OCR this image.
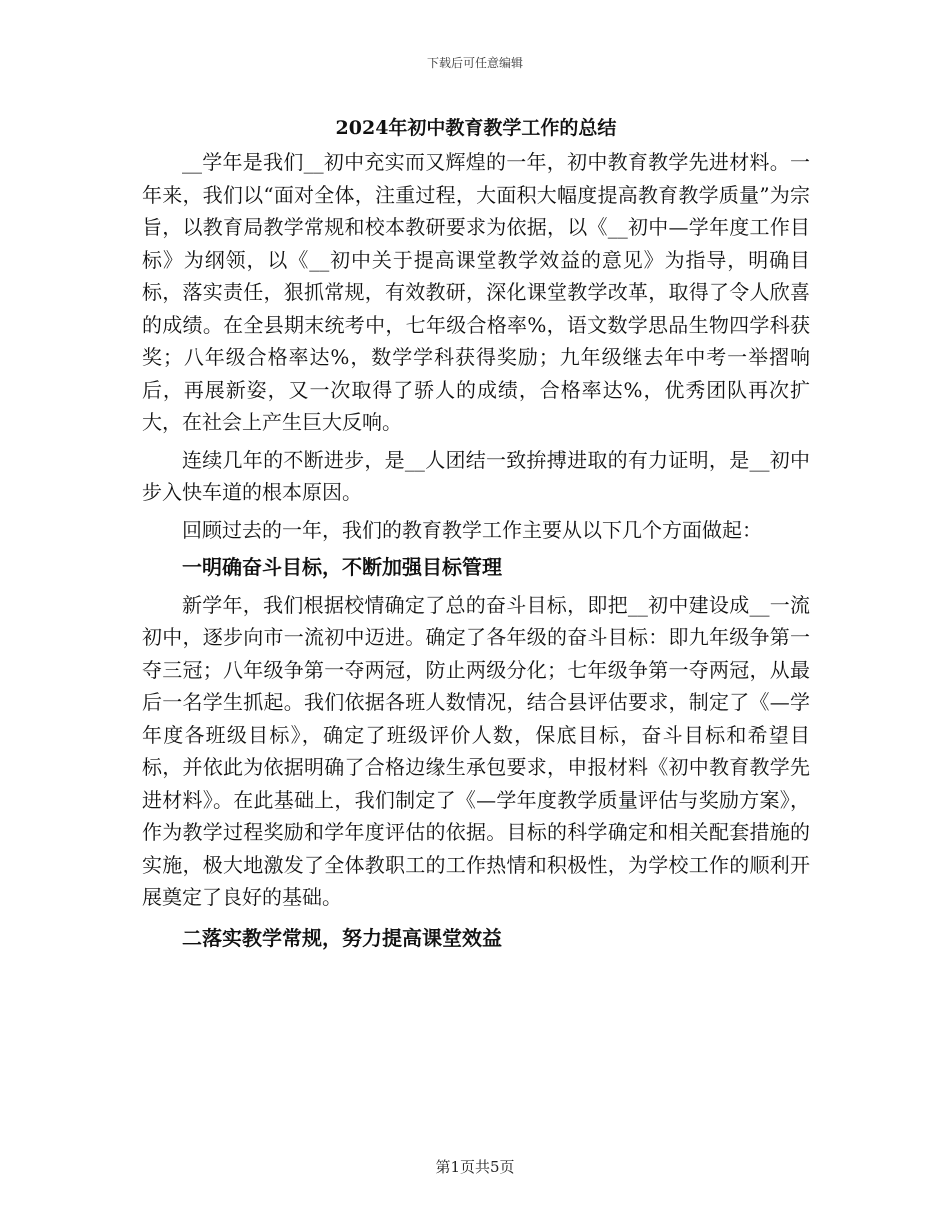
下载后可任意编辑
2024年初中教育教学工作的总结

__学年是我们__初中充实而又辉煌的一年，初中教育教学先进材料。一年来，我们以“面对全体，注重过程，大面积大幅度提高教育教学质量”为宗旨，以教育局教学常规和校本教研要求为依据，以《__初中—学年度工作目标》为纲领，以《__初中关于提高课堂教学效益的意见》为指导，明确目标，落实责任，狠抓常规，有效教研，深化课堂教学改革，取得了令人欣喜的成绩。在全县期末统考中，七年级合格率%，语文数学思品生物四学科获奖；八年级合格率达%，数学学科获得奖励；九年级继去年中考一举摺响后，再展新姿，又一次取得了骄人的成绩，合格率达%，优秀团队再次扩大，在社会上产生巨大反响。

连续几年的不断进步，是__人团结一致拚搏进取的有力证明，是__初中步入快车道的根本原因。

回顾过去的一年，我们的教育教学工作主要从以下几个方面做起：

一明确奋斗目标，不断加强目标管理

新学年，我们根据校情确定了总的奋斗目标，即把__初中建设成__一流初中，逐步向市一流初中迈进。确定了各年级的奋斗目标：即九年级争第一夺三冠；八年级争第一夺两冠，防止两级分化；七年级争第一夺两冠，从最后一名学生抓起。我们依据各班人数情况，结合县评估要求，制定了《—学年度各班级目标》，确定了班级评价人数，保底目标，奋斗目标和希望目标，并依此为依据明确了合格边缘生承包要求，申报材料《初中教育教学先进材料》。在此基础上，我们制定了《—学年度教学质量评估与奖励方案》，作为教学过程奖励和学年度评估的依据。目标的科学确定和相关配套措施的实施，极大地激发了全体教职工的工作热情和积极性，为学校工作的顺利开展奠定了良好的基础。

二落实教学常规，努力提高课堂效益

第1页共5页
